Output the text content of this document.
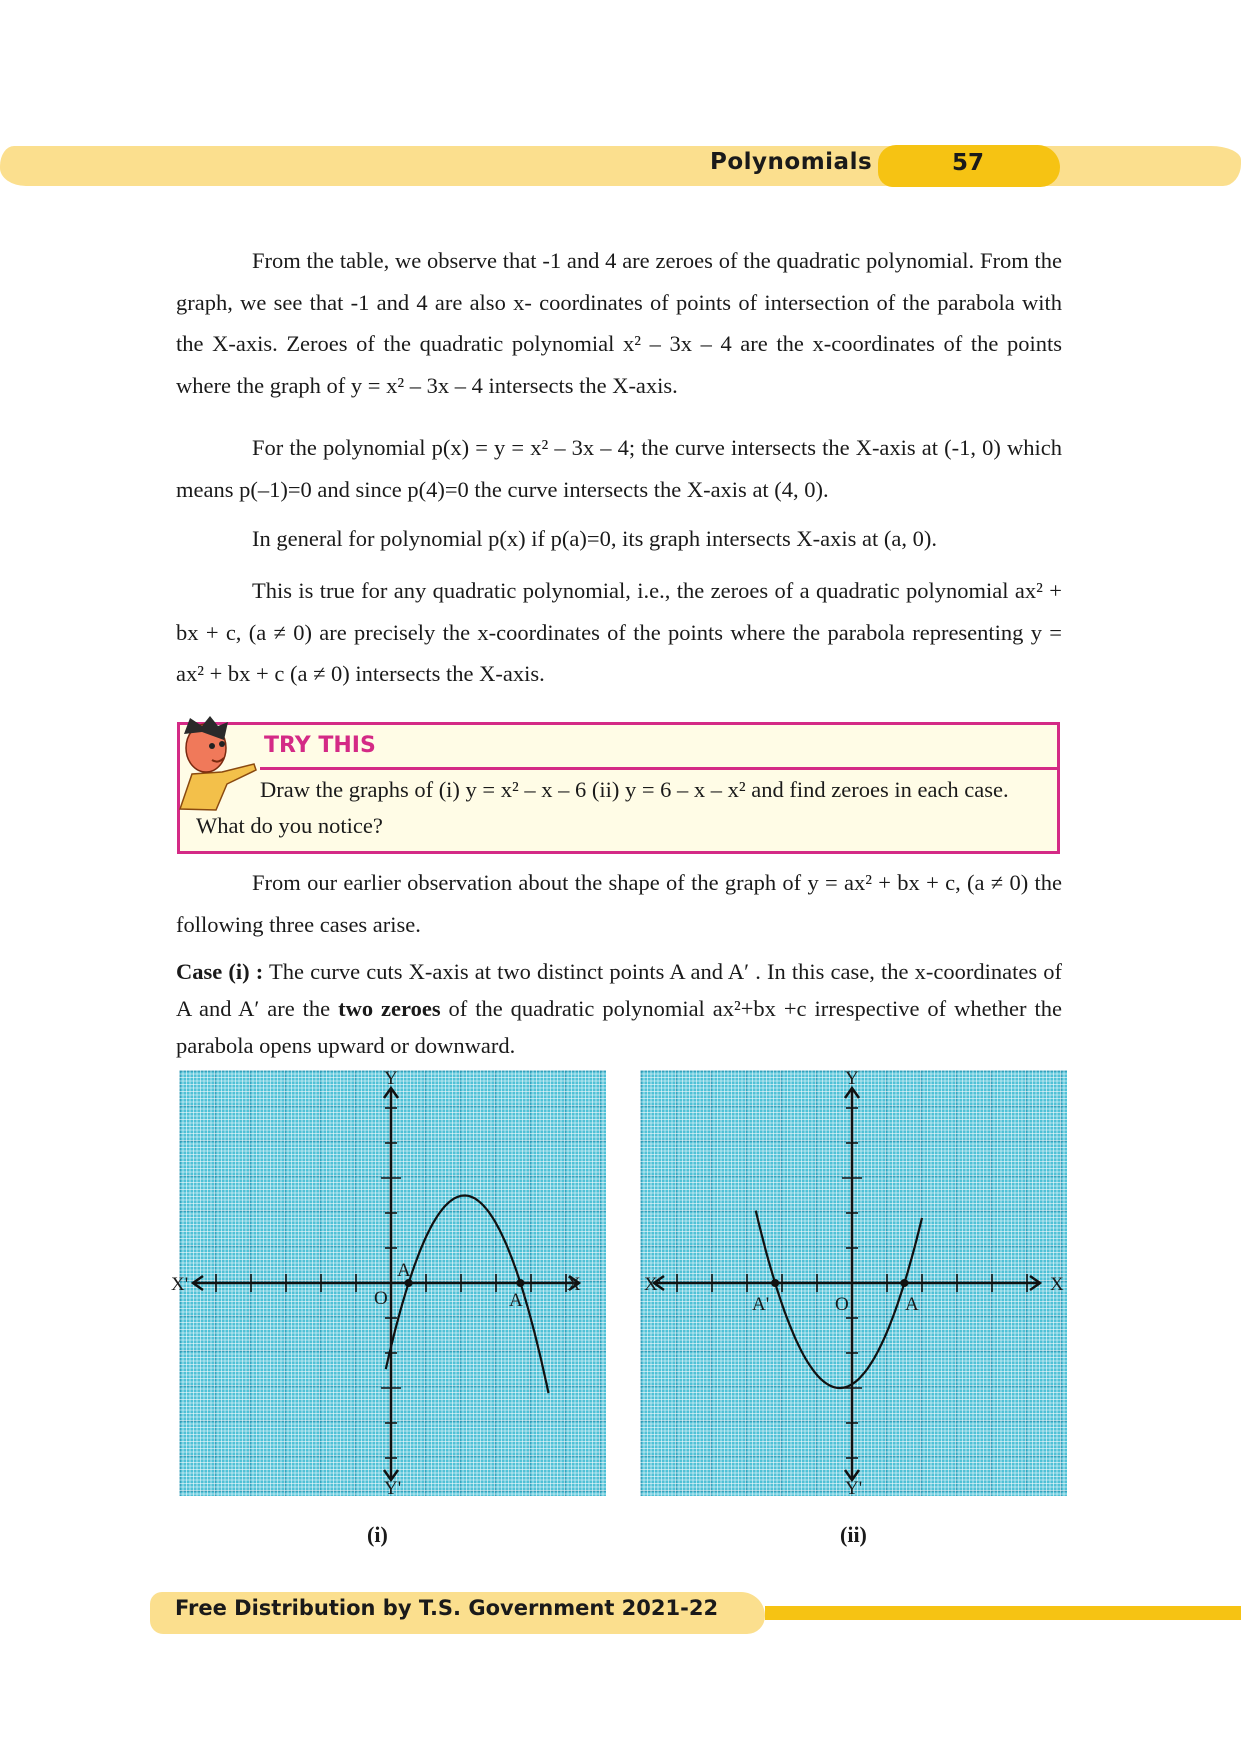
Polynomials	57

From the table, we observe that -1 and 4 are zeroes of the quadratic polynomial. From the graph, we see that -1 and 4 are also x- coordinates of points of intersection of the parabola with the X-axis. Zeroes of the quadratic polynomial x² – 3x – 4 are the x-coordinates of the points where the graph of y = x² – 3x – 4 intersects the X-axis.

For the polynomial p(x) = y = x² – 3x – 4; the curve intersects the X-axis at (-1, 0) which means p(–1)=0 and since p(4)=0 the curve intersects the X-axis at (4, 0).

In general for polynomial p(x) if p(a)=0, its graph intersects X-axis at (a, 0).

This is true for any quadratic polynomial, i.e., the zeroes of a quadratic polynomial ax² + bx + c, (a ≠ 0) are precisely the x-coordinates of the points where the parabola representing y = ax² + bx + c (a ≠ 0) intersects the X-axis.

TRY THIS
Draw the graphs of (i) y = x² – x – 6 (ii) y = 6 – x – x² and find zeroes in each case.
What do you notice?

From our earlier observation about the shape of the graph of y = ax² + bx + c, (a ≠ 0) the following three cases arise.

Case (i) : The curve cuts X-axis at two distinct points A and A′ . In this case, the x-coordinates of A and A′ are the two zeroes of the quadratic polynomial ax²+bx +c irrespective of whether the parabola opens upward or downward.

X
X'
Y
Y'
O
A
A'
X
X'
Y
Y'
O	A
A'
(i)	(ii)
Free Distribution by T.S. Government 2021-22
